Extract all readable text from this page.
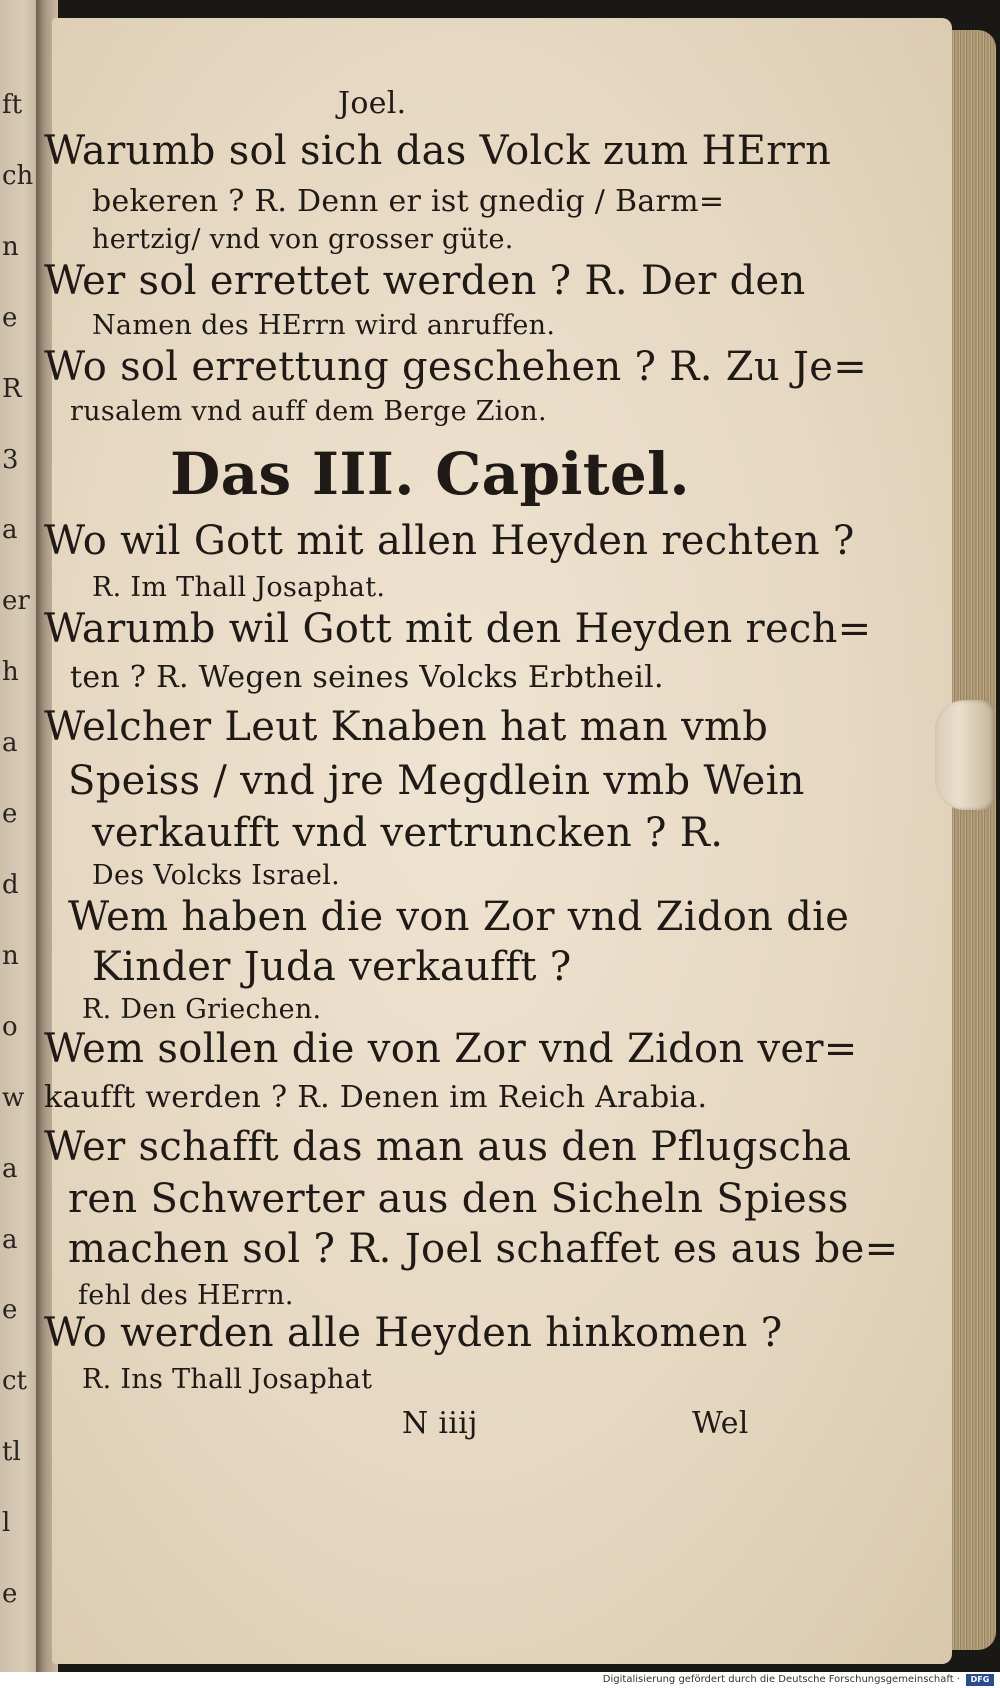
ft
ch
n
e
R
3
a
er
h
a
e
d
n
o
w
a
a
e
ct
tl
l
e
Joel.
Warumb sol sich das Volck zum HErrn
bekeren ? R. Denn er ist gnedig / Barm=
hertzig/ vnd von grosser güte.
Wer sol errettet werden ? R. Der den
Namen des HErrn wird anruffen.
Wo sol errettung geschehen ? R. Zu Je=
rusalem vnd auff dem Berge Zion.
Das III. Capitel.
Wo wil Gott mit allen Heyden rechten ?
R. Im Thall Josaphat.
Warumb wil Gott mit den Heyden rech=
ten ? R. Wegen seines Volcks Erbtheil.
Welcher Leut Knaben hat man vmb
Speiss / vnd jre Megdlein vmb Wein
verkaufft vnd vertruncken ? R.
Des Volcks Israel.
Wem haben die von Zor vnd Zidon die
Kinder Juda verkaufft ?
R. Den Griechen.
Wem sollen die von Zor vnd Zidon ver=
kaufft werden ? R. Denen im Reich Arabia.
Wer schafft das man aus den Pflugscha
ren Schwerter aus den Sicheln Spiess
machen sol ? R. Joel schaffet es aus be=
fehl des HErrn.
Wo werden alle Heyden hinkomen ?
R. Ins Thall Josaphat
N iiij	Wel
Digitalisierung gefördert durch die Deutsche Forschungsgemeinschaft ·	DFG
